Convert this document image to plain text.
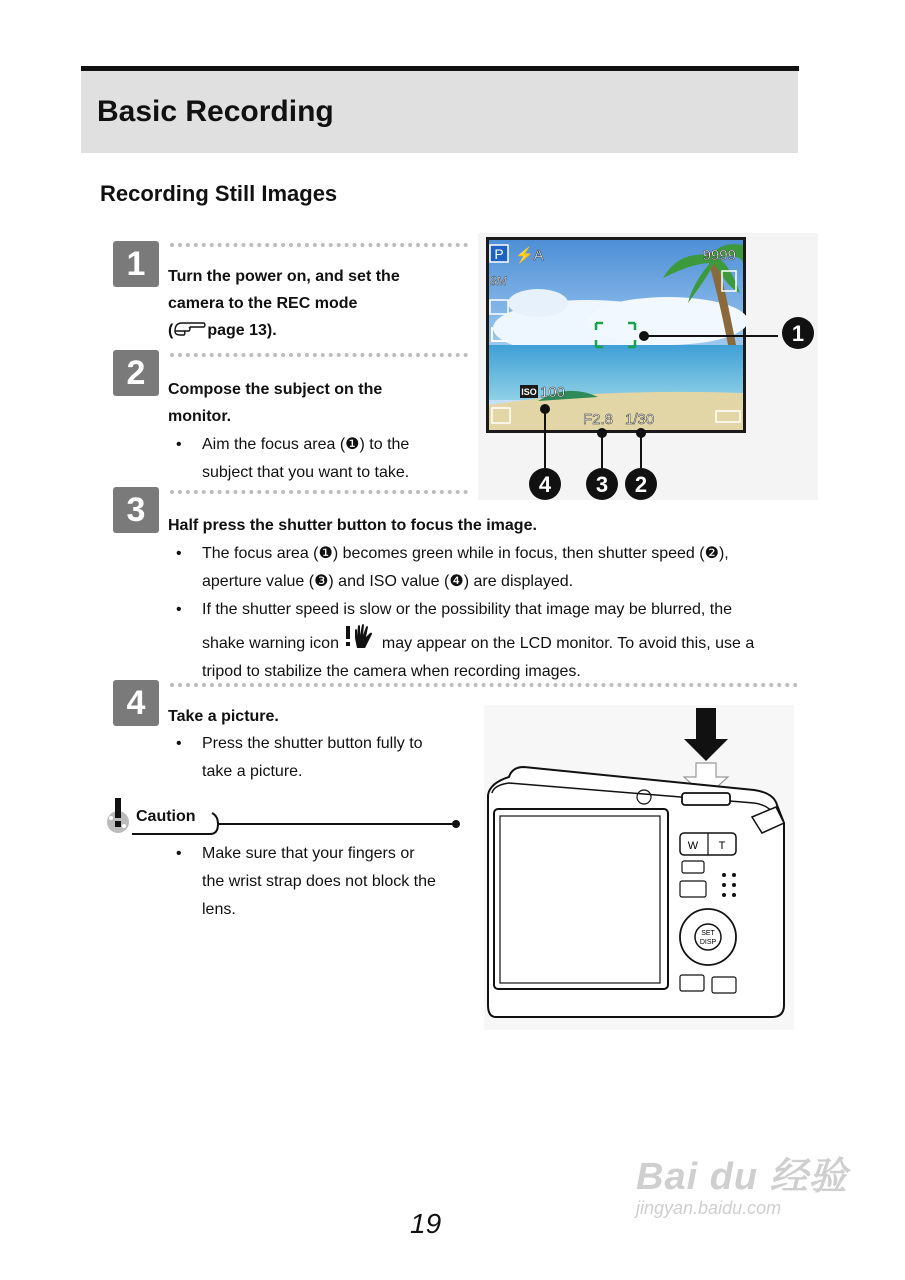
Basic Recording
Recording Still Images
1	Turn the power on, and set the
camera to the REC mode
( page 13).
2	Compose the subject on the
monitor.
• Aim the focus area (❶) to the
subject that you want to take.
3	Half press the shutter button to focus the image.
• The focus area (❶) becomes green while in focus, then shutter speed (❷),
aperture value (❸) and ISO value (❹) are displayed.
• If the shutter speed is slow or the possibility that image may be blurred, the
shake warning icon	may appear on the LCD monitor. To avoid this, use a
tripod to stabilize the camera when recording images.
4	Take a picture.
• Press the shutter button fully to
take a picture.
Caution
• Make sure that your fingers or
the wrist strap does not block the
lens.
P ⚡A	9999
8M
ISO 100
F2.8 1/30
1
4 3 2
W T
SET
DISP
19
Bai du 经验
jingyan.baidu.com
